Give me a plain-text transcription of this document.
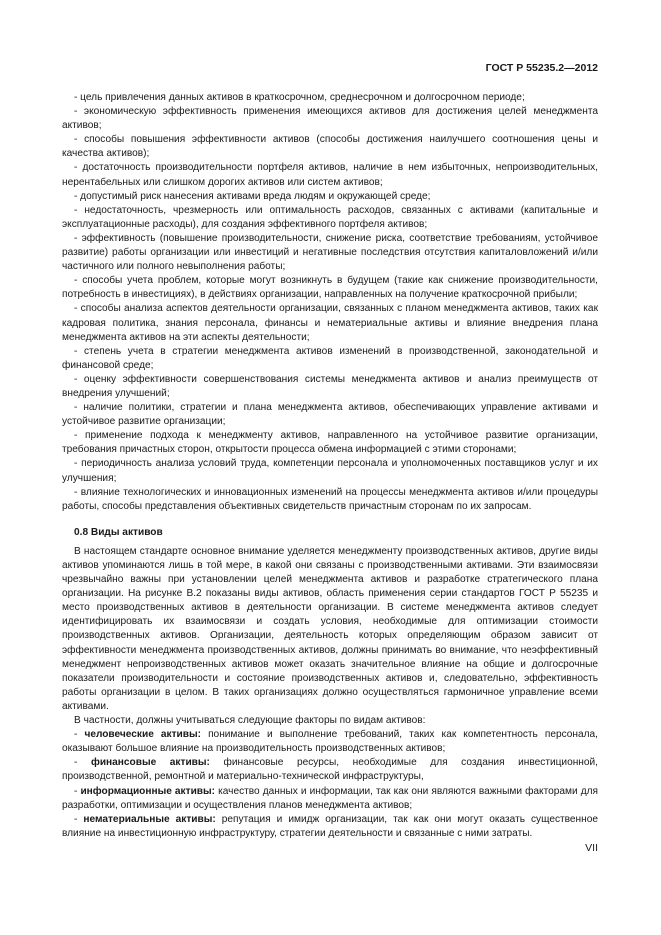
ГОСТ Р 55235.2—2012

- цель привлечения данных активов в краткосрочном, среднесрочном и долгосрочном периоде;

- экономическую эффективность применения имеющихся активов для достижения целей менеджмента активов;

- способы повышения эффективности активов (способы достижения наилучшего соотношения цены и качества активов);

- достаточность производительности портфеля активов, наличие в нем избыточных, непроизводительных, нерентабельных или слишком дорогих активов или систем активов;

- допустимый риск нанесения активами вреда людям и окружающей среде;

- недостаточность, чрезмерность или оптимальность расходов, связанных с активами (капитальные и эксплуатационные расходы), для создания эффективного портфеля активов;

- эффективность (повышение производительности, снижение риска, соответствие требованиям, устойчивое развитие) работы организации или инвестиций и негативные последствия отсутствия капиталовложений и/или частичного или полного невыполнения работы;

- способы учета проблем, которые могут возникнуть в будущем (такие как снижение производительности, потребность в инвестициях), в действиях организации, направленных на получение краткосрочной прибыли;

- способы анализа аспектов деятельности организации, связанных с планом менеджмента активов, таких как кадровая политика, знания персонала, финансы и нематериальные активы и влияние внедрения плана менеджмента активов на эти аспекты деятельности;

- степень учета в стратегии менеджмента активов изменений в производственной, законодательной и финансовой среде;

- оценку эффективности совершенствования системы менеджмента активов и анализ преимуществ от внедрения улучшений;

- наличие политики, стратегии и плана менеджмента активов, обеспечивающих управление активами и устойчивое развитие организации;

- применение подхода к менеджменту активов, направленного на устойчивое развитие организации, требования причастных сторон, открытости процесса обмена информацией с этими сторонами;

- периодичность анализа условий труда, компетенции персонала и уполномоченных поставщиков услуг и их улучшения;

- влияние технологических и инновационных изменений на процессы менеджмента активов и/или процедуры работы, способы представления объективных свидетельств причастным сторонам по их запросам.

0.8 Виды активов

В настоящем стандарте основное внимание уделяется менеджменту производственных активов, другие виды активов упоминаются лишь в той мере, в какой они связаны с производственными активами. Эти взаимосвязи чрезвычайно важны при установлении целей менеджмента активов и разработке стратегического плана организации. На рисунке В.2 показаны виды активов, область применения серии стандартов ГОСТ Р 55235 и место производственных активов в деятельности организации. В системе менеджмента активов следует идентифицировать их взаимосвязи и создать условия, необходимые для оптимизации стоимости производственных активов. Организации, деятельность которых определяющим образом зависит от эффективности менеджмента производственных активов, должны принимать во внимание, что неэффективный менеджмент непроизводственных активов может оказать значительное влияние на общие и долгосрочные показатели производительности и состояние производственных активов и, следовательно, эффективность работы организации в целом. В таких организациях должно осуществляться гармоничное управление всеми активами.

В частности, должны учитываться следующие факторы по видам активов:

- человеческие активы: понимание и выполнение требований, таких как компетентность персонала, оказывают большое влияние на производительность производственных активов;

- финансовые активы: финансовые ресурсы, необходимые для создания инвестиционной, производственной, ремонтной и материально-технической инфраструктуры,

- информационные активы: качество данных и информации, так как они являются важными факторами для разработки, оптимизации и осуществления планов менеджмента активов;

- нематериальные активы: репутация и имидж организации, так как они могут оказать существенное влияние на инвестиционную инфраструктуру, стратегии деятельности и связанные с ними затраты.

VII
